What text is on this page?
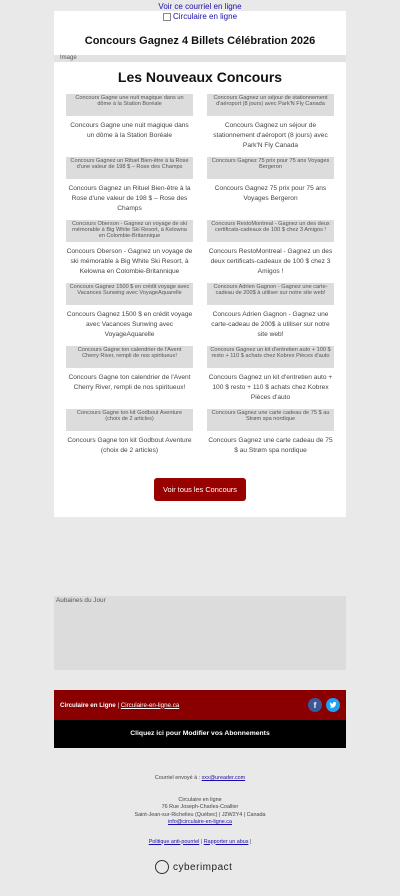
Voir ce courriel en ligne
Circulaire en ligne
Concours Gagnez 4 Billets Célébration 2026
Image
Les Nouveaux Concours
Concours Gagne une nuit magique dans un dôme à la Station Boréale
Concours Gagne une nuit magique dans un dôme à la Station Boréale
Concours Gagnez un séjour de stationnement d'aéroport (8 jours) avec Park'N Fly Canada
Concours Gagnez un séjour de stationnement d'aéroport (8 jours) avec Park'N Fly Canada
Concours Gagnez un Rituel Bien-être à la Rose d'une valeur de 198 $ – Rose des Champs
Concours Gagnez un Rituel Bien-être à la Rose d'une valeur de 198 $ – Rose des Champs
Concours Gagnez 75 prix pour 75 ans Voyages Bergeron
Concours Gagnez 75 prix pour 75 ans Voyages Bergeron
Concours Oberson - Gagnez un voyage de ski mémorable à Big White Ski Resort, à Kelowna en Colombie-Britannique
Concours Oberson - Gagnez un voyage de ski mémorable à Big White Ski Resort, à Kelowna en Colombie-Britannique
Concours RestoMontreal - Gagnez un des deux certificats-cadeaux de 100 $ chez 3 Amigos !
Concours RestoMontreal - Gagnez un des deux certificats-cadeaux de 100 $ chez 3 Amigos !
Concours Gagnez 1500 $ en crédit voyage avec Vacances Sunwing avec VoyageAquarelle
Concours Gagnez 1500 $ en crédit voyage avec Vacances Sunwing avec VoyageAquarelle
Concours Adrien Gagnon - Gagnez une carte-cadeau de 200$ à utiliser sur notre site web!
Concours Adrien Gagnon - Gagnez une carte-cadeau de 200$ à utiliser sur notre site web!
Concours Gagne ton calendrier de l'Avent Cherry River, rempli de nos spiritueux!
Concours Gagne ton calendrier de l'Avent Cherry River, rempli de nos spiritueux!
Concours Gagnez un kit d'entretien auto + 100 $ resto + 110 $ achats chez Kobrex Pièces d'auto
Concours Gagnez un kit d'entretien auto + 100 $ resto + 110 $ achats chez Kobrex Pièces d'auto
Concours Gagne ton kit Godbout Aventure (choix de 2 articles)
Concours Gagne ton kit Godbout Aventure (choix de 2 articles)
Concours Gagnez une carte cadeau de 75 $ au Strøm spa nordique
Concours Gagnez une carte cadeau de 75 $ au Strøm spa nordique
Voir tous les Concours
Aubaines du Jour
Circulaire en Ligne | Circulaire-en-ligne.ca	f
Cliquez ici pour Modifier vos Abonnements

Courriel envoyé à : xxx@ureader.com

Circulaire en ligne

76 Rue Joseph-Charles-Coallier

Saint-Jean-sur-Richelieu (Québec) | J2W2Y4 | Canada

info@circulaire-en-ligne.ca

Politique anti-pourriel | Rapporter un abus |

cyberimpact
